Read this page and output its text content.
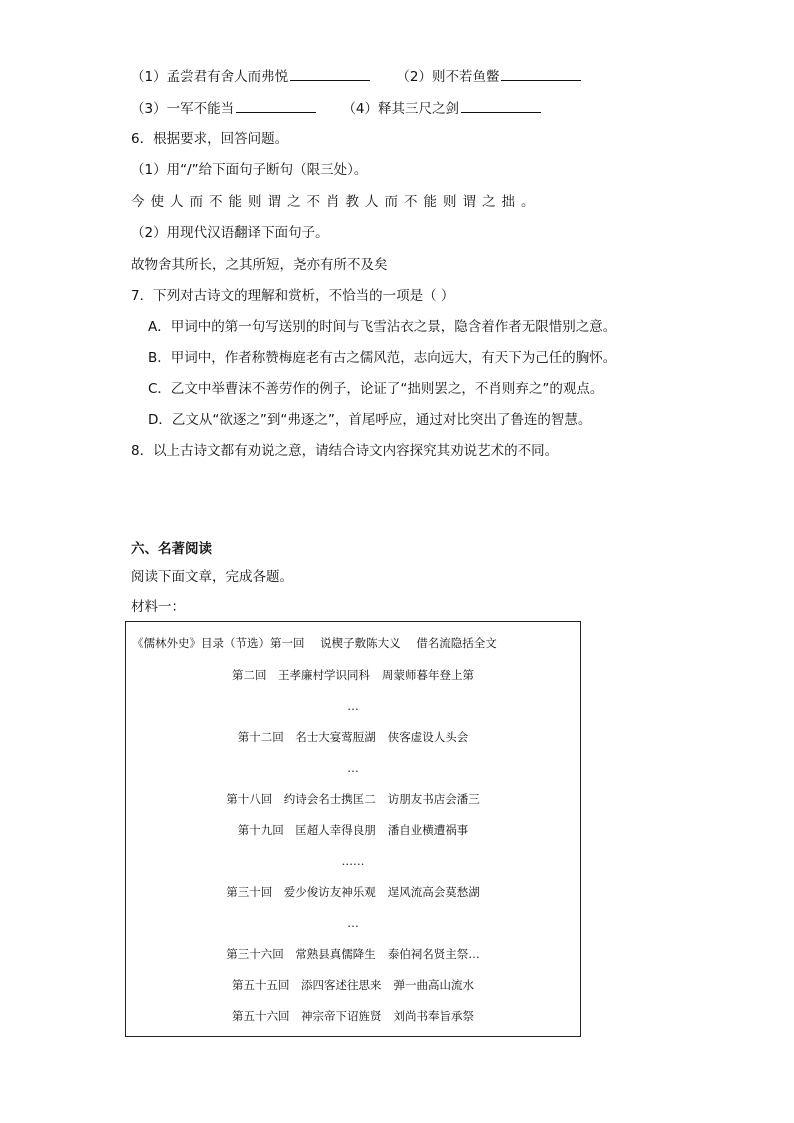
（1）孟尝君有舍人而弗悦	（2）则不若鱼鳖
（3）一军不能当	（4）释其三尺之剑
6．根据要求，回答问题。
（1）用“/”给下面句子断句（限三处）。
今使人而不能则谓之不肖教人而不能则谓之拙。
（2）用现代汉语翻译下面句子。
故物舍其所长，之其所短，尧亦有所不及矣
7．下列对古诗文的理解和赏析，不恰当的一项是（ ）
A．甲词中的第一句写送别的时间与飞雪沾衣之景，隐含着作者无限惜别之意。
B．甲词中，作者称赞梅庭老有古之儒风范，志向远大，有天下为己任的胸怀。
C．乙文中举曹沫不善劳作的例子，论证了“拙则罢之，不肖则弃之”的观点。
D．乙文从“欲逐之”到“弗逐之”，首尾呼应，通过对比突出了鲁连的智慧。
8．以上古诗文都有劝说之意，请结合诗文内容探究其劝说艺术的不同。
六、名著阅读
阅读下面文章，完成各题。
材料一：
《儒林外史》目录（节选）第一回 说楔子敷陈大义 借名流隐括全文
第二回　王孝廉村学识同科 周蒙师暮年登上第
…
第十二回　名士大宴莺脰湖 侠客虚设人头会
…
第十八回　约诗会名士携匡二 访朋友书店会潘三
第十九回　匡超人幸得良朋 潘自业横遭祸事
……
第三十回　爱少俊访友神乐观 逞风流高会莫愁湖
…
第三十六回　常熟县真儒降生 泰伯祠名贤主祭…
第五十五回　添四客述往思来 弹一曲高山流水
第五十六回　神宗帝下诏旌贤 刘尚书奉旨承祭
